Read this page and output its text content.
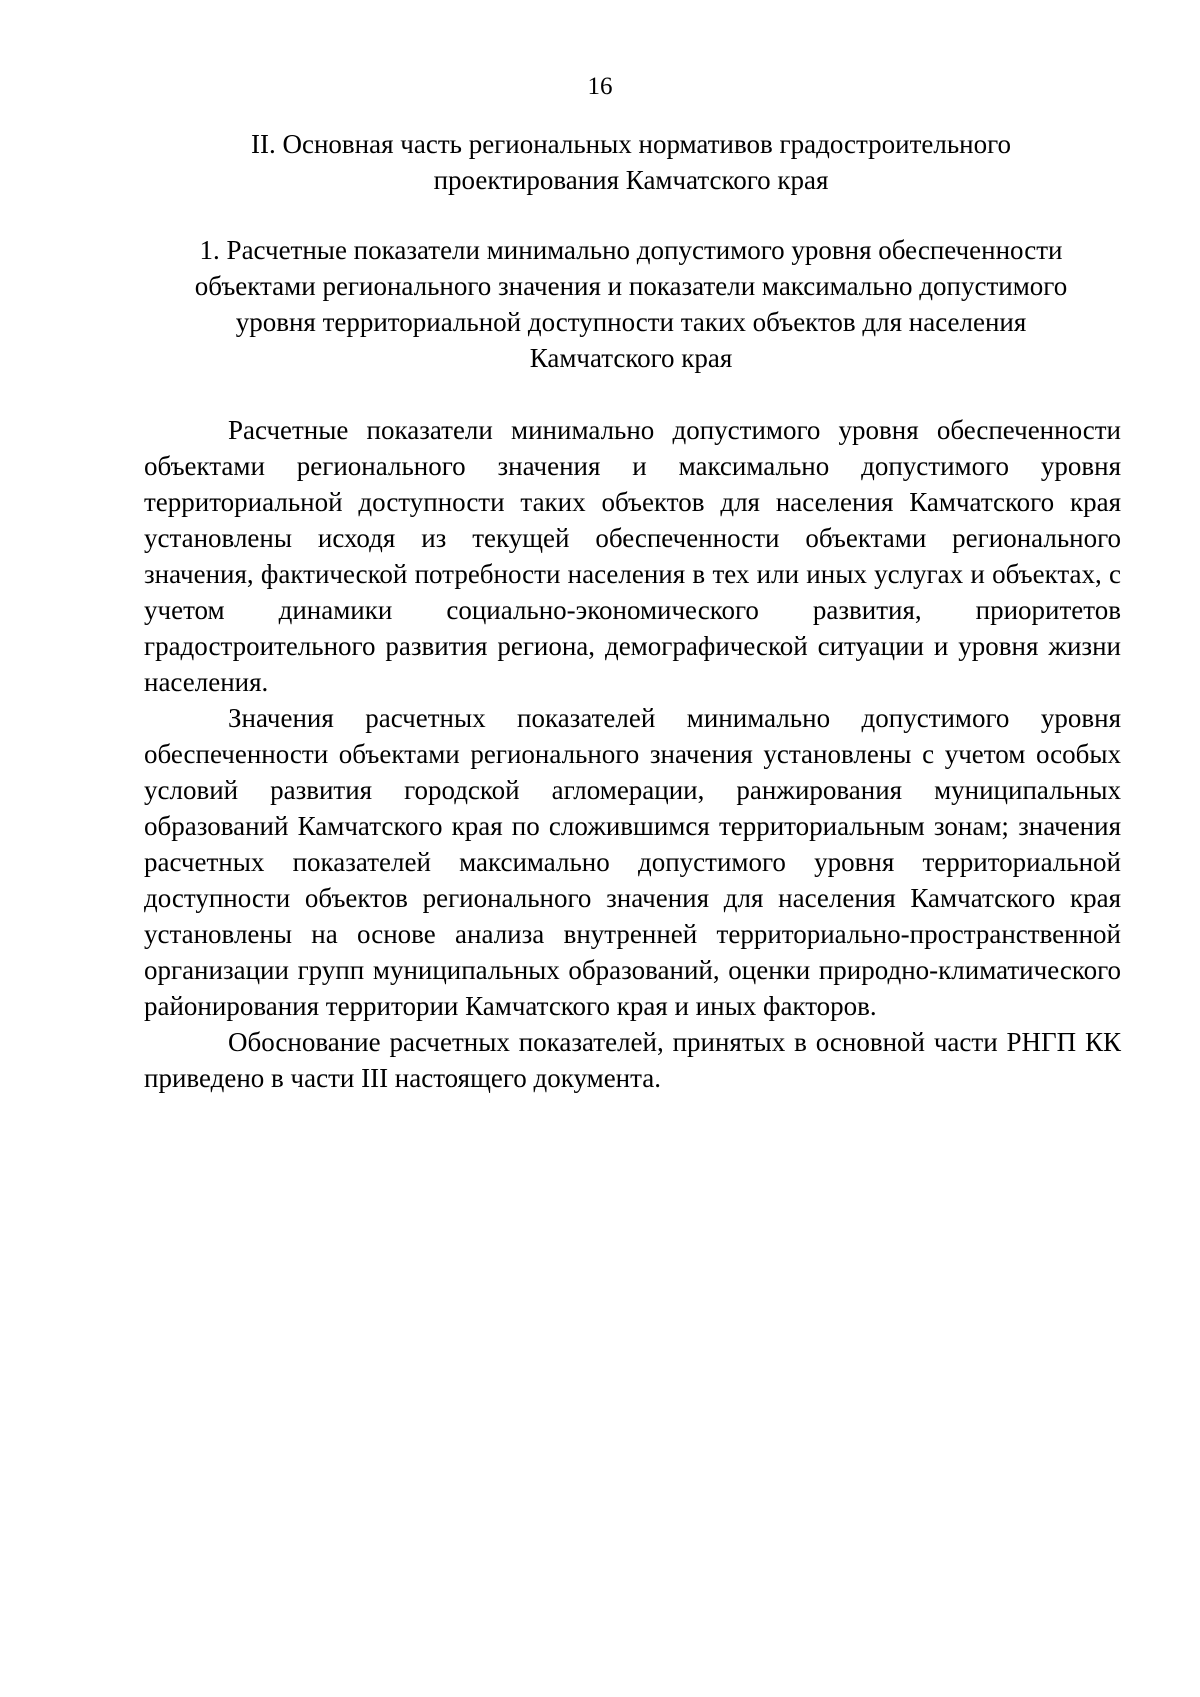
16
II. Основная часть региональных нормативов градостроительного
проектирования Камчатского края
1. Расчетные показатели минимально допустимого уровня обеспеченности
объектами регионального значения и показатели максимально допустимого
уровня территориальной доступности таких объектов для населения
Камчатского края

Расчетные показатели минимально допустимого уровня обеспеченности объектами регионального значения и максимально допустимого уровня территориальной доступности таких объектов для населения Камчатского края установлены исходя из текущей обеспеченности объектами регионального значения, фактической потребности населения в тех или иных услугах и объектах, с учетом динамики социально-экономического развития, приоритетов градостроительного развития региона, демографической ситуации и уровня жизни населения.

Значения расчетных показателей минимально допустимого уровня обеспеченности объектами регионального значения установлены с учетом особых условий развития городской агломерации, ранжирования муниципальных образований Камчатского края по сложившимся территориальным зонам; значения расчетных показателей максимально допустимого уровня территориальной доступности объектов регионального значения для населения Камчатского края установлены на основе анализа внутренней территориально-пространственной организации групп муниципальных образований, оценки природно-климатического районирования территории Камчатского края и иных факторов.

Обоснование расчетных показателей, принятых в основной части РНГП КК приведено в части III настоящего документа.
